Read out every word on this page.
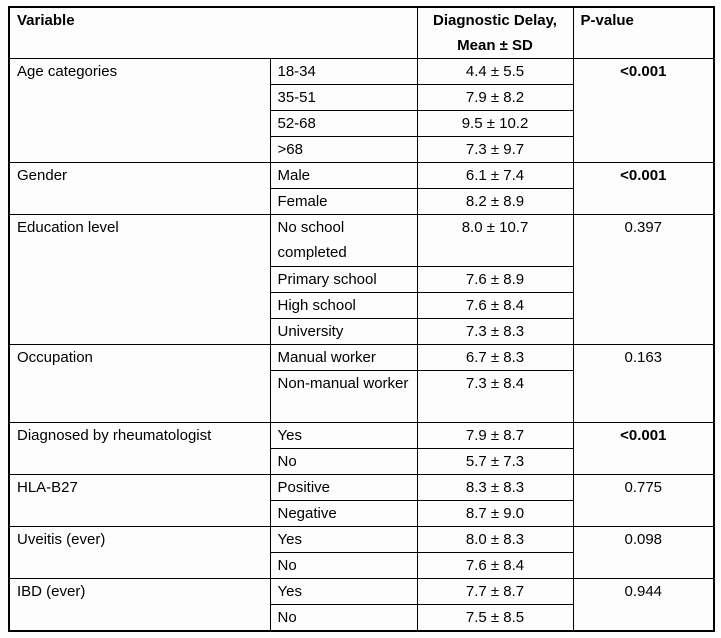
Variable		Diagnostic Delay,
Mean ± SD	P-value
Age categories	18-34	4.4 ± 5.5	<0.001
	35-51	7.9 ± 8.2	
	52-68	9.5 ± 10.2	
	>68	7.3 ± 9.7	
Gender	Male	6.1 ± 7.4	<0.001
	Female	8.2 ± 8.9	
Education level	No school completed	8.0 ± 10.7	0.397
	Primary school	7.6 ± 8.9	
	High school	7.6 ± 8.4	
	University	7.3 ± 8.3	
Occupation	Manual worker	6.7 ± 8.3	0.163
	Non-manual worker	7.3 ± 8.4	
Diagnosed by rheumatologist	Yes	7.9 ± 8.7	<0.001
	No	5.7 ± 7.3	
HLA-B27	Positive	8.3 ± 8.3	0.775
	Negative	8.7 ± 9.0	
Uveitis (ever)	Yes	8.0 ± 8.3	0.098
	No	7.6 ± 8.4	
IBD (ever)	Yes	7.7 ± 8.7	0.944
	No	7.5 ± 8.5	
